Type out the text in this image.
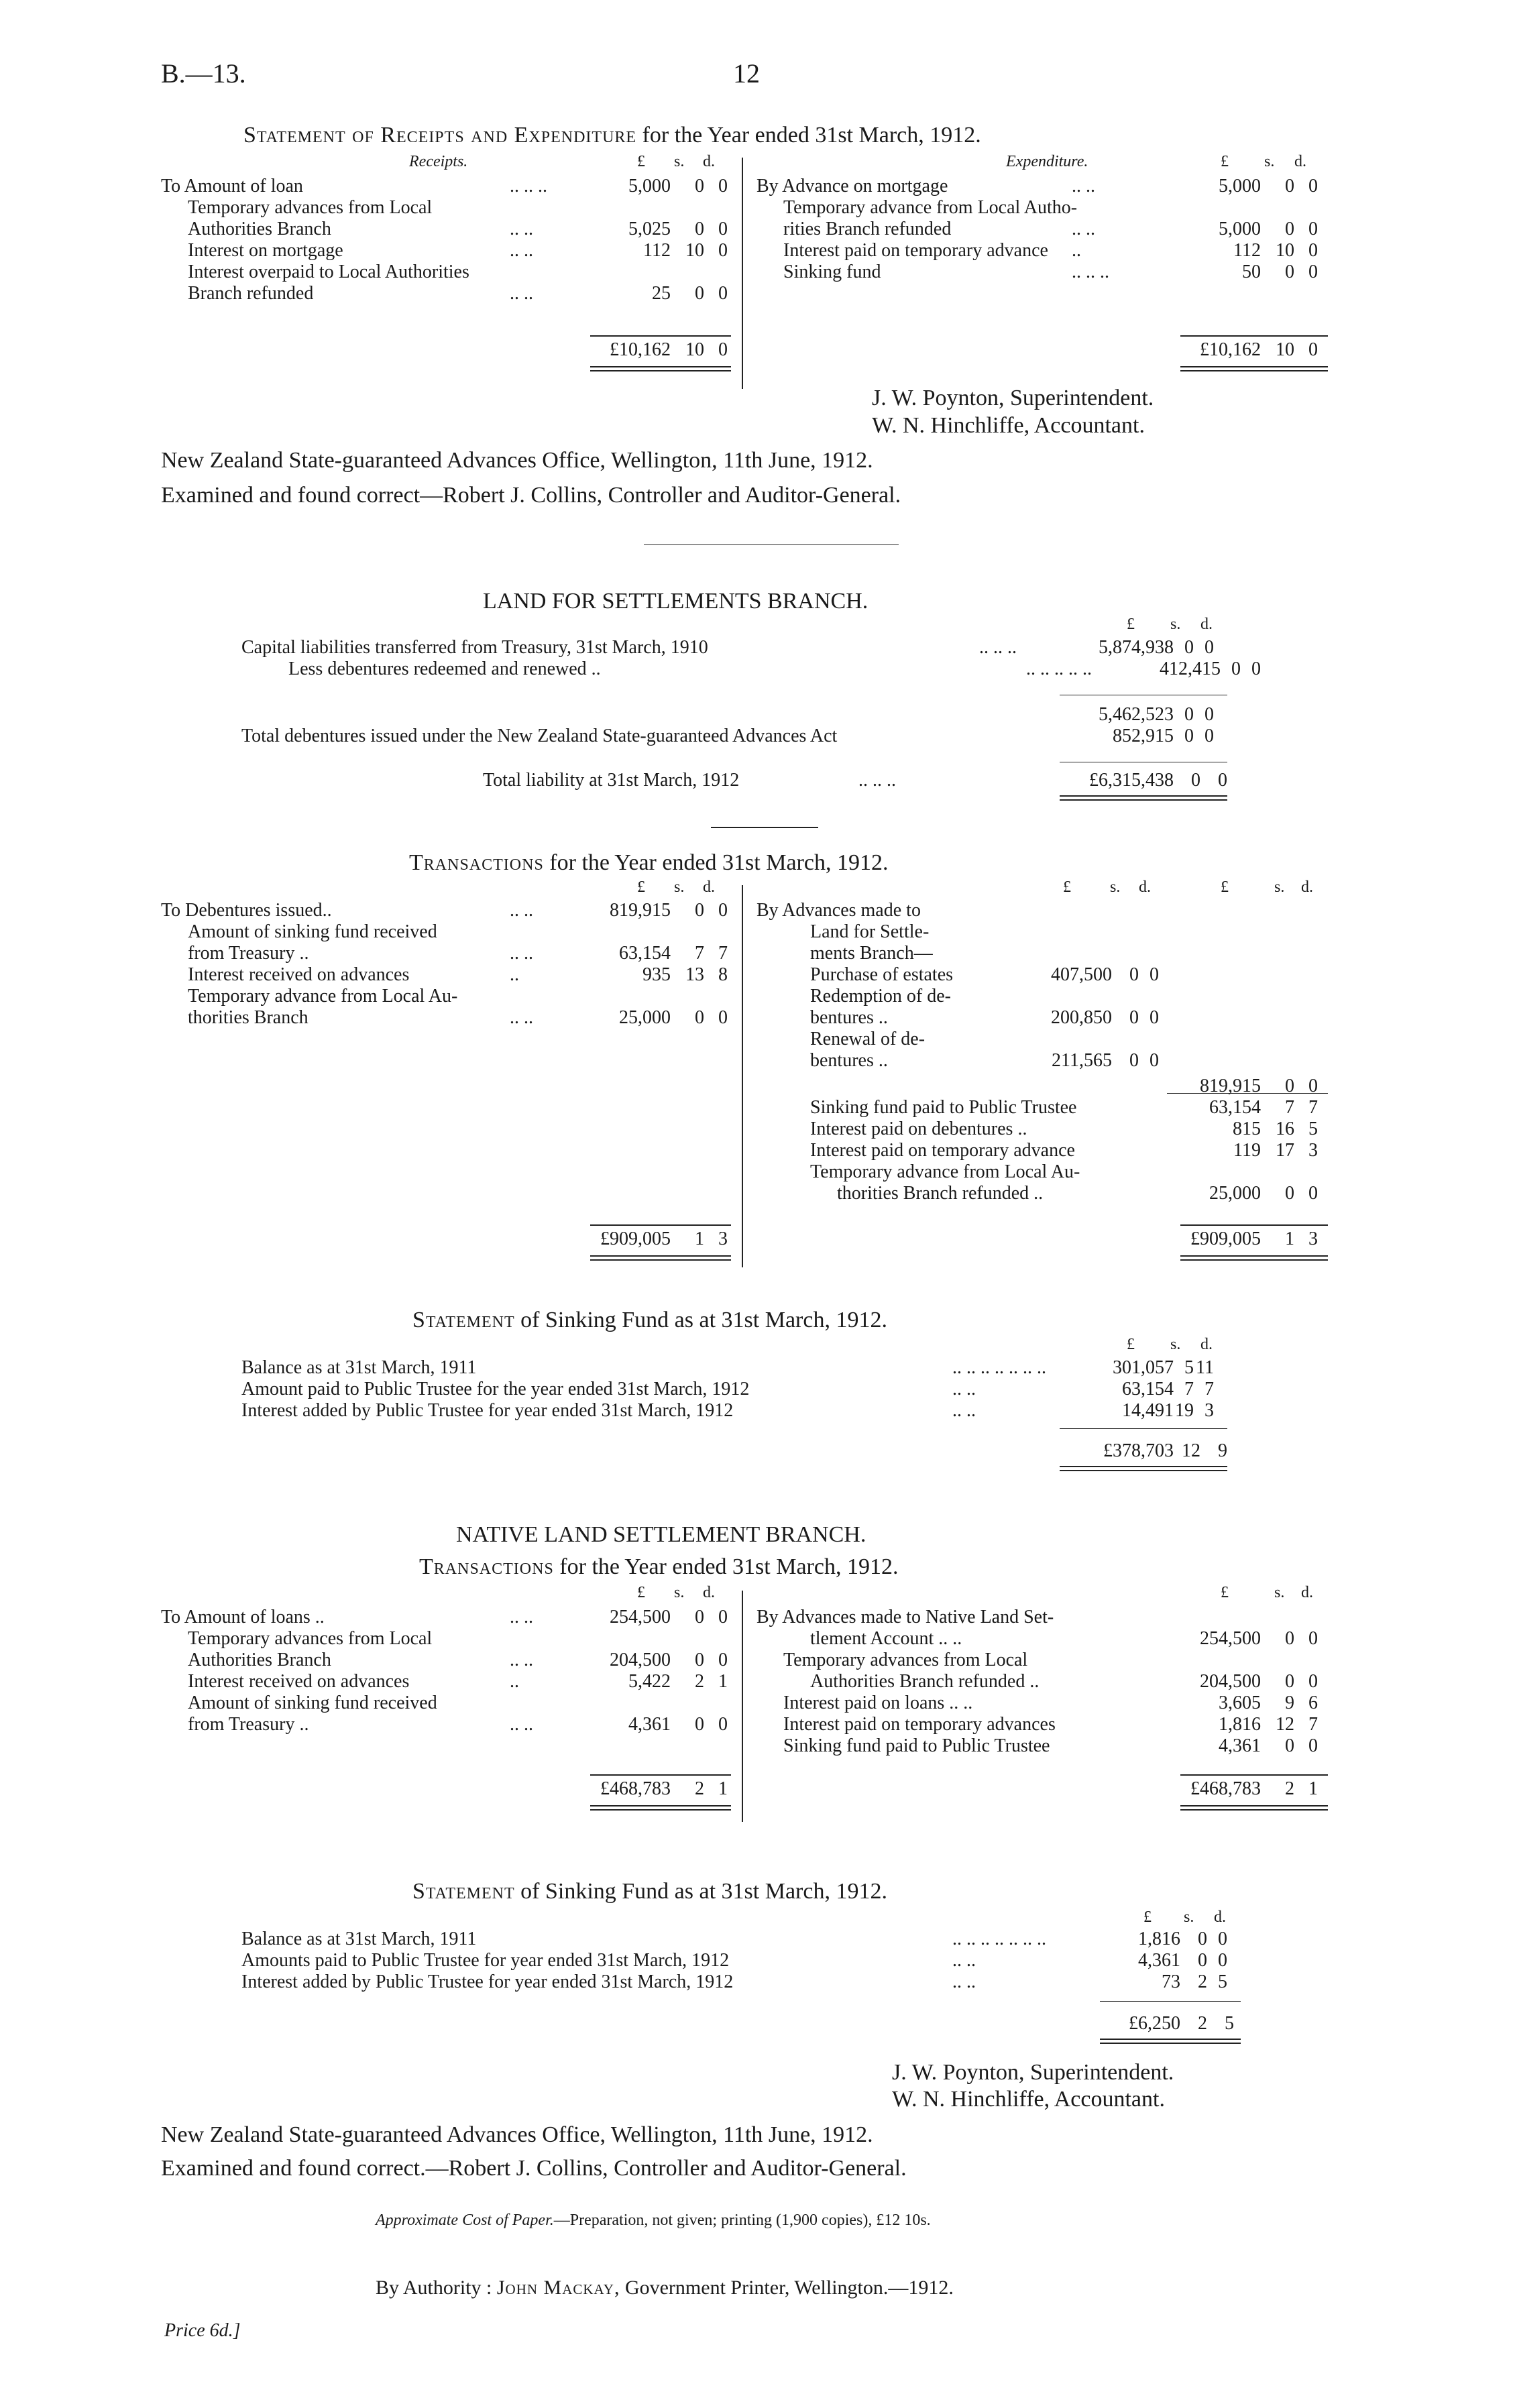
B.—13.	12
Statement of Receipts and Expenditure for the Year ended 31st March, 1912.
Receipts.	£ s. d.	Expenditure.	£ s. d.
To Amount of loan	.. .. ..	5,000	0 0
Temporary advances from Local
Authorities Branch	.. ..	5,025	0 0
Interest on mortgage	.. ..	112 10 0
Interest overpaid to Local Authorities
Branch refunded	.. ..	25	0 0
By Advance on mortgage	.. ..	5,000	0 0
Temporary advance from Local Autho-
rities Branch refunded	.. ..	5,000	0 0
Interest paid on temporary advance ..	112 10 0
Sinking fund	.. .. ..	50	0 0
£10,162 10 0	£10,162 10 0
J. W. Poynton, Superintendent.
W. N. Hinchliffe, Accountant.
New Zealand State-guaranteed Advances Office, Wellington, 11th June, 1912.
Examined and found correct—Robert J. Collins, Controller and Auditor-General.
LAND FOR SETTLEMENTS BRANCH.
£ s. d.
Capital liabilities transferred from Treasury, 31st March, 1910	.. .. ..	5,874,938 0 0
Less debentures redeemed and renewed ..	.. .. .. .. ..	412,415 0 0
5,462,523 0 0
Total debentures issued under the New Zealand State-guaranteed Advances Act	852,915 0 0
Total liability at 31st March, 1912	.. .. ..	£6,315,438 0 0
Transactions for the Year ended 31st March, 1912.
£ s. d.	£ s. d.	£	s. d.
To Debentures issued..	.. ..	819,915	0 0
Amount of sinking fund received
from Treasury ..	.. ..	63,154	7 7
Interest received on advances	..	935 13 8
Temporary advance from Local Au-
thorities Branch	.. ..	25,000	0 0
By Advances made to
Land for Settle-
ments Branch—
Purchase of estates	407,500 0 0
Redemption of de-
bentures ..	200,850 0 0
Renewal of de-
bentures ..	211,565 0 0
819,915	0 0
Sinking fund paid to Public Trustee	63,154	7 7
Interest paid on debentures ..	815 16 5
Interest paid on temporary advance	119 17 3
Temporary advance from Local Au-
thorities Branch refunded ..	25,000	0 0
£909,005	1 3	£909,005	1 3
Statement of Sinking Fund as at 31st March, 1912.
£ s. d.
Balance as at 31st March, 1911	.. .. .. .. .. .. ..	301,057 5 11
Amount paid to Public Trustee for the year ended 31st March, 1912	.. ..	63,154 7 7
Interest added by Public Trustee for year ended 31st March, 1912	.. ..	14,491 19 3
£378,703 12 9
NATIVE LAND SETTLEMENT BRANCH.
Transactions for the Year ended 31st March, 1912.
£ s. d.	£	s. d.
To Amount of loans ..	.. ..	254,500	0 0
Temporary advances from Local
Authorities Branch	.. ..	204,500	0 0
Interest received on advances	..	5,422	2 1
Amount of sinking fund received
from Treasury ..	.. ..	4,361	0 0
By Advances made to Native Land Set-
tlement Account .. ..	254,500	0 0
Temporary advances from Local
Authorities Branch refunded ..	204,500	0 0
Interest paid on loans .. ..	3,605	9 6
Interest paid on temporary advances	1,816 12 7
Sinking fund paid to Public Trustee	4,361	0 0
£468,783	2 1	£468,783	2 1
Statement of Sinking Fund as at 31st March, 1912.
£ s. d.
Balance as at 31st March, 1911	.. .. .. .. .. .. ..	1,816 0 0
Amounts paid to Public Trustee for year ended 31st March, 1912	.. ..	4,361 0 0
Interest added by Public Trustee for year ended 31st March, 1912	.. ..	73 2 5
£6,250 2 5
J. W. Poynton, Superintendent.
W. N. Hinchliffe, Accountant.
New Zealand State-guaranteed Advances Office, Wellington, 11th June, 1912.
Examined and found correct.—Robert J. Collins, Controller and Auditor-General.
Approximate Cost of Paper.—Preparation, not given; printing (1,900 copies), £12 10s.
By Authority : John Mackay, Government Printer, Wellington.—1912.
Price 6d.]
